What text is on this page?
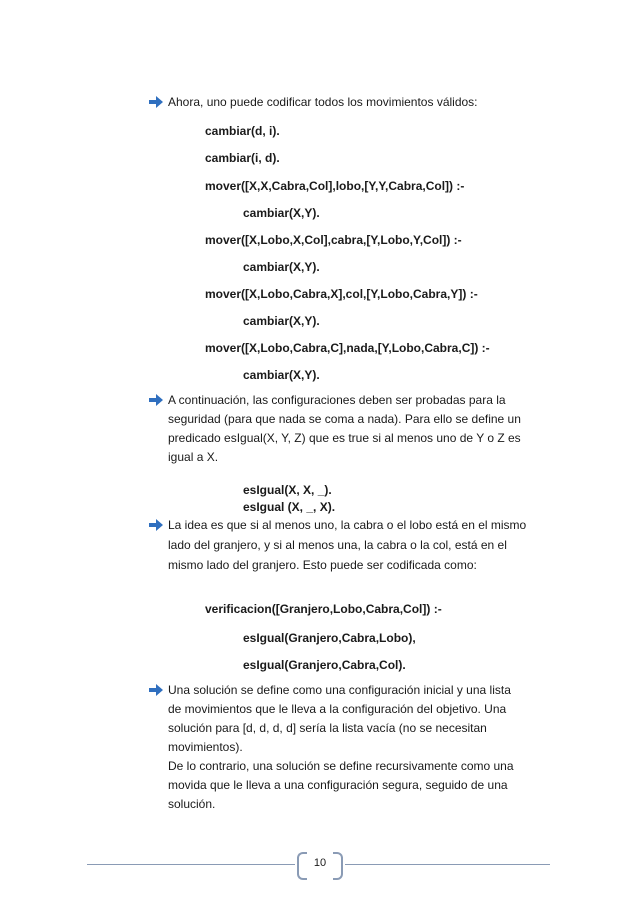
Ahora, uno puede codificar todos los movimientos válidos:
cambiar(d, i).
cambiar(i, d).
mover([X,X,Cabra,Col],lobo,[Y,Y,Cabra,Col]) :-
cambiar(X,Y).
mover([X,Lobo,X,Col],cabra,[Y,Lobo,Y,Col]) :-
cambiar(X,Y).
mover([X,Lobo,Cabra,X],col,[Y,Lobo,Cabra,Y]) :-
cambiar(X,Y).
mover([X,Lobo,Cabra,C],nada,[Y,Lobo,Cabra,C]) :-
cambiar(X,Y).
A continuación, las configuraciones deben ser probadas para la
seguridad (para que nada se coma a nada). Para ello se define un
predicado esIgual(X, Y, Z) que es true si al menos uno de Y o Z es
igual a X.
esIgual(X, X, _).
esIgual (X, _, X).
La idea es que si al menos uno, la cabra o el lobo está en el mismo
lado del granjero, y si al menos una, la cabra o la col, está en el
mismo lado del granjero. Esto puede ser codificada como:
verificacion([Granjero,Lobo,Cabra,Col]) :-
esIgual(Granjero,Cabra,Lobo),
esIgual(Granjero,Cabra,Col).
Una solución se define como una configuración inicial y una lista
de movimientos que le lleva a la configuración del objetivo. Una
solución para [d, d, d, d] sería la lista vacía (no se necesitan
movimientos).
De lo contrario, una solución se define recursivamente como una
movida que le lleva a una configuración segura, seguido de una
solución.
10
